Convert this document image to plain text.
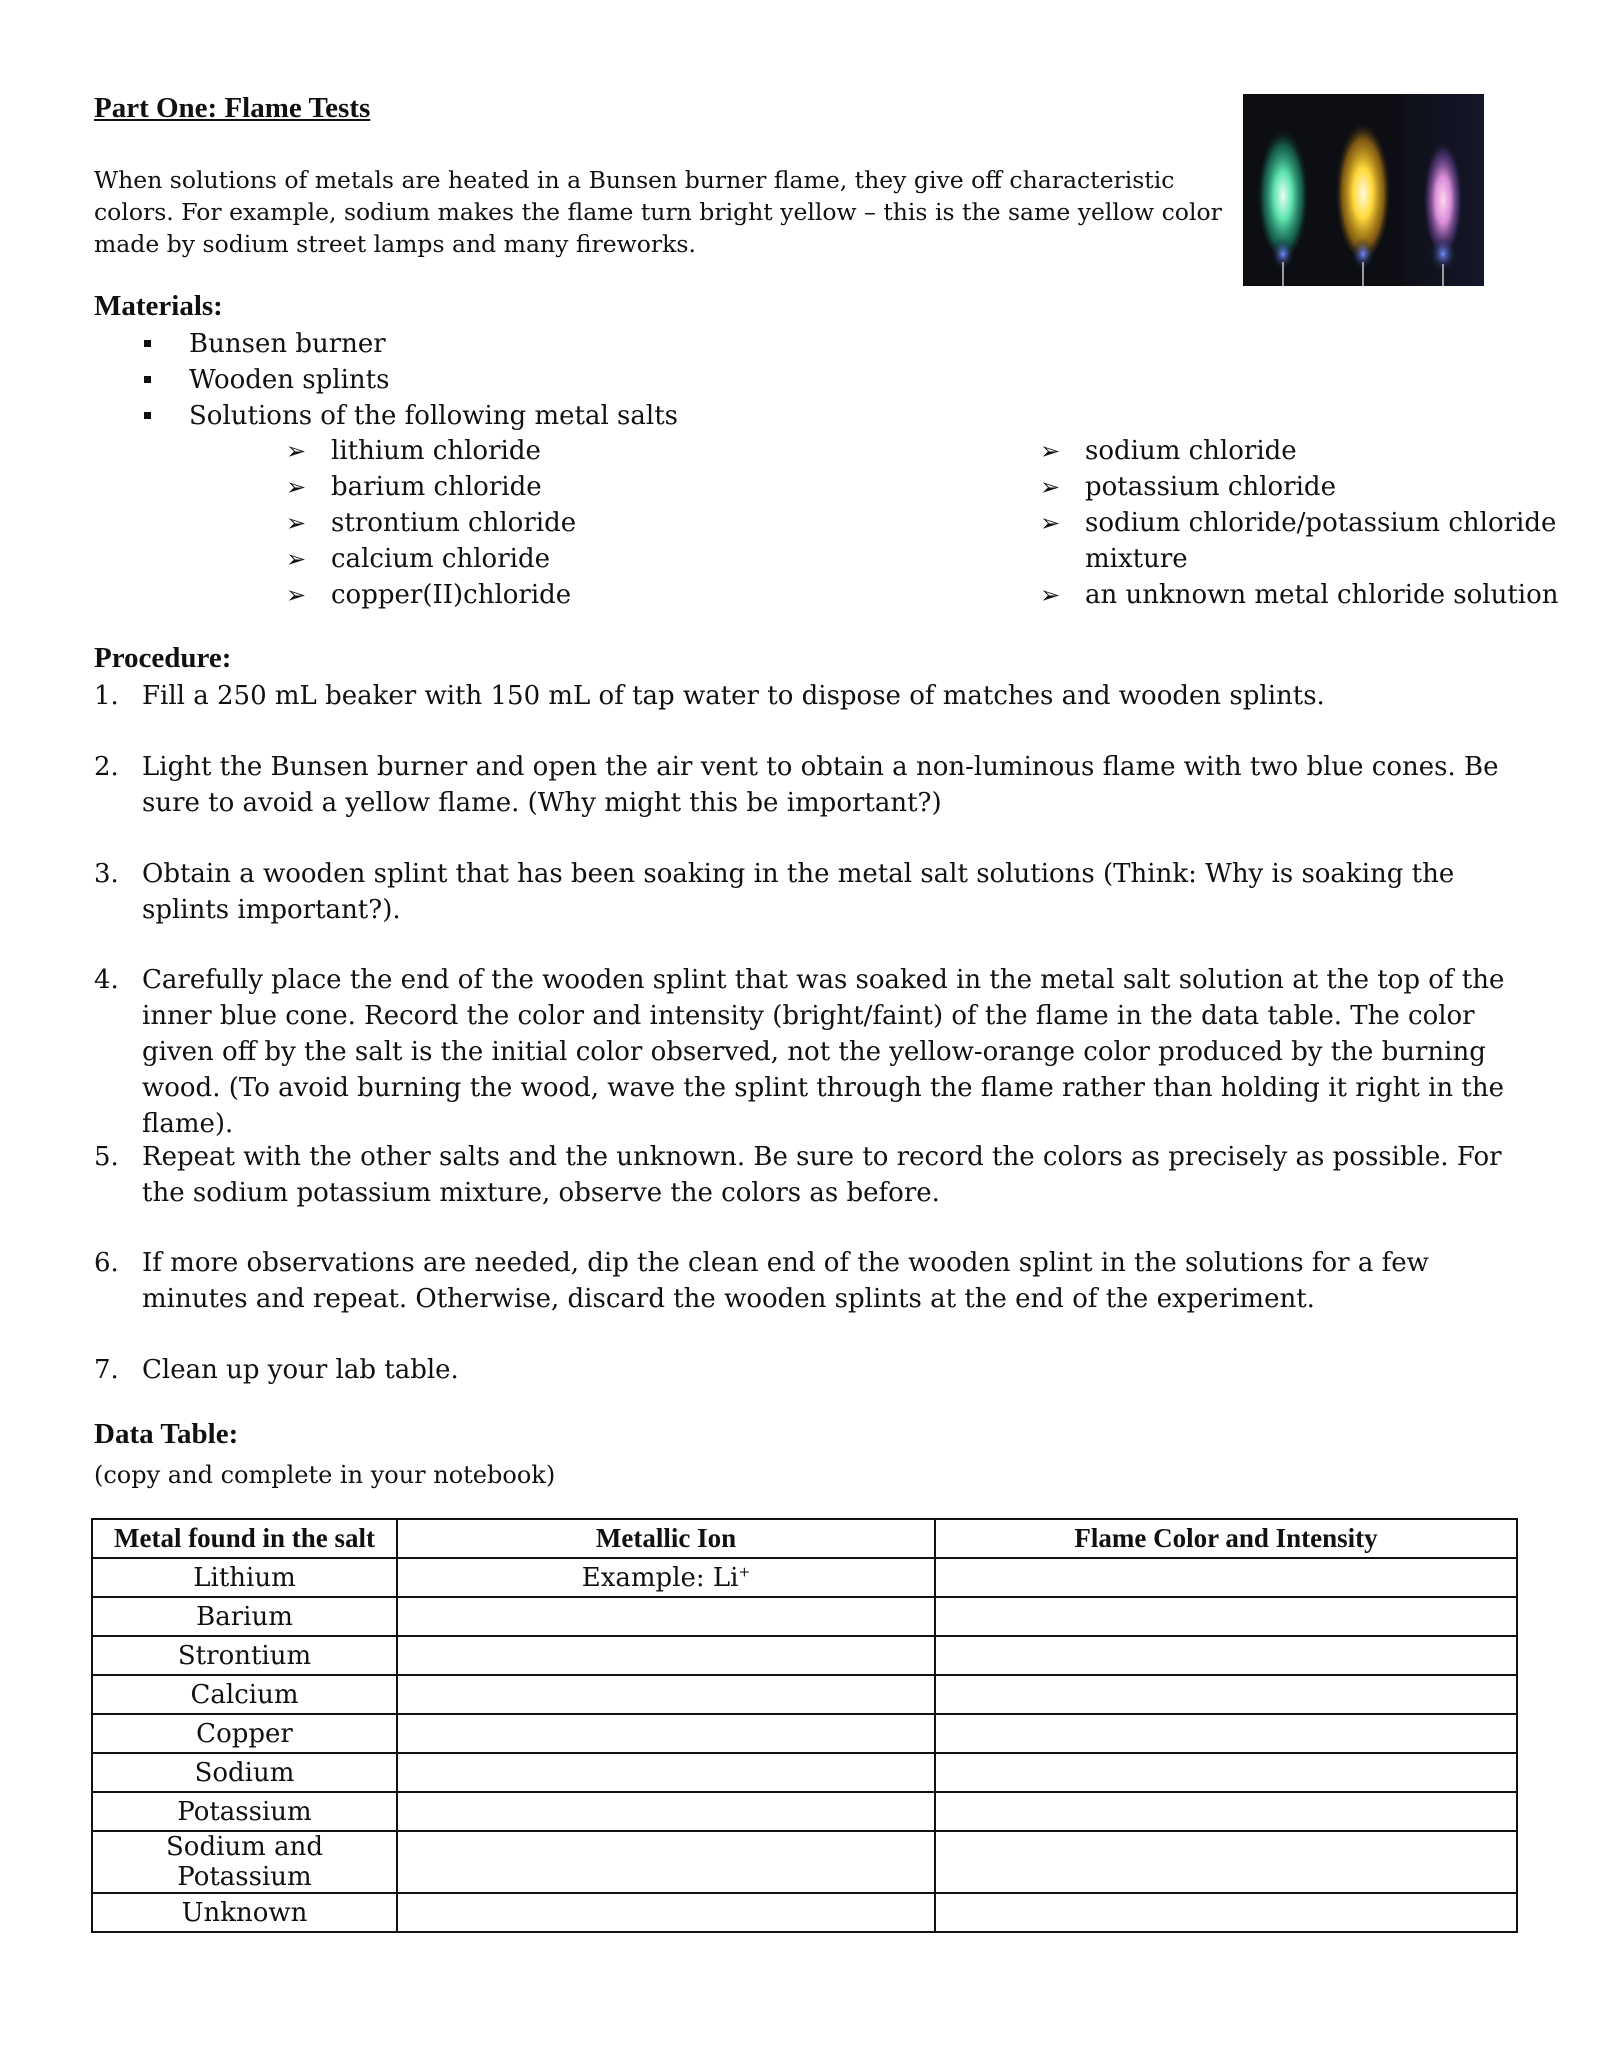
Part One: Flame Tests
When solutions of metals are heated in a Bunsen burner flame, they give off characteristic colors. For example, sodium makes the flame turn bright yellow – this is the same yellow color made by sodium street lamps and many fireworks.
Materials:
Bunsen burner
Wooden splints
Solutions of the following metal salts
➢ lithium chloride
➢ barium chloride
➢ strontium chloride
➢ calcium chloride
➢ copper(II)chloride
➢ sodium chloride
➢ potassium chloride
➢ sodium chloride/potassium chloride
mixture
➢ an unknown metal chloride solution
Procedure:
1. Fill a 250 mL beaker with 150 mL of tap water to dispose of matches and wooden splints.
2. Light the Bunsen burner and open the air vent to obtain a non-luminous flame with two blue cones. Be sure to avoid a yellow flame. (Why might this be important?)
3. Obtain a wooden splint that has been soaking in the metal salt solutions (Think: Why is soaking the splints important?).
4. Carefully place the end of the wooden splint that was soaked in the metal salt solution at the top of the inner blue cone. Record the color and intensity (bright/faint) of the flame in the data table. The color given off by the salt is the initial color observed, not the yellow-orange color produced by the burning wood. (To avoid burning the wood, wave the splint through the flame rather than holding it right in the flame).
5. Repeat with the other salts and the unknown. Be sure to record the colors as precisely as possible. For the sodium potassium mixture, observe the colors as before.
6. If more observations are needed, dip the clean end of the wooden splint in the solutions for a few minutes and repeat. Otherwise, discard the wooden splints at the end of the experiment.
7. Clean up your lab table.
Data Table:
(copy and complete in your notebook)
Metal found in the salt	Metallic Ion	Flame Color and Intensity
Lithium	Example: Li+	
Barium		
Strontium		
Calcium		
Copper		
Sodium		
Potassium		
Sodium and Potassium		
Unknown		
